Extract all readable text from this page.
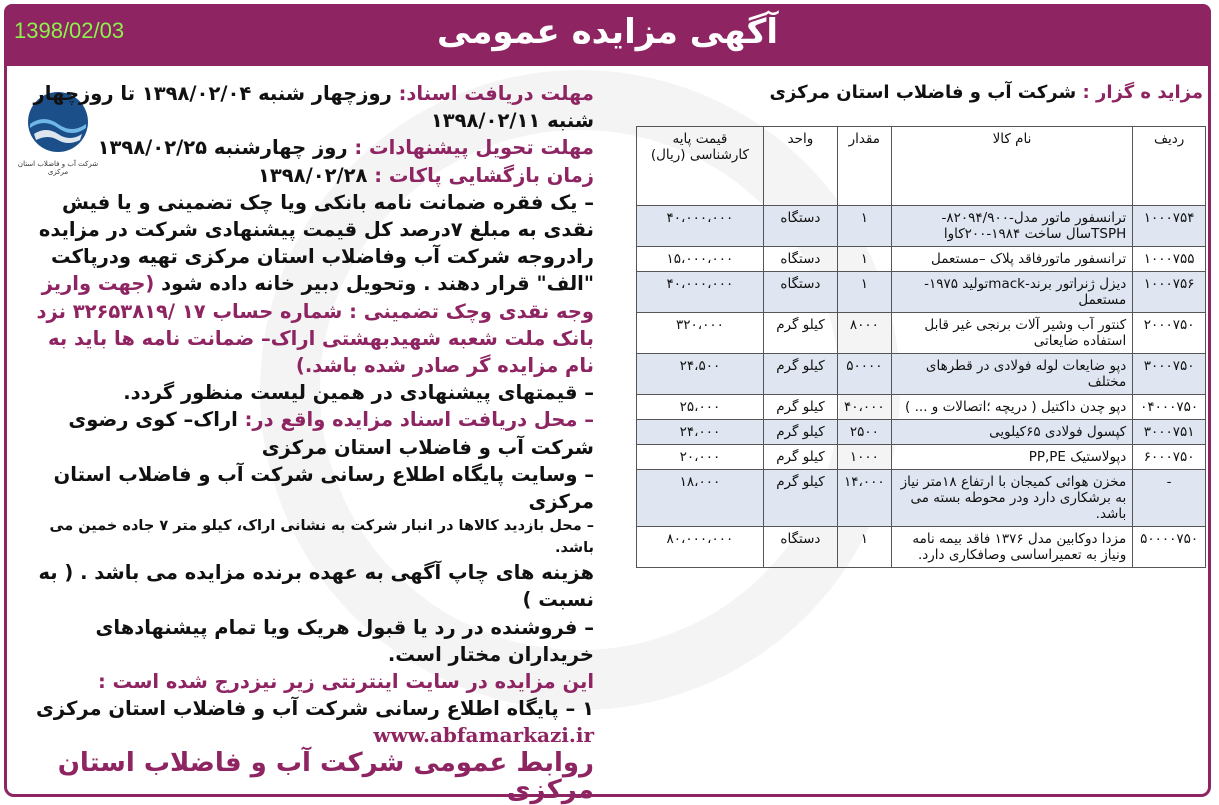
آگهی مزایده عمومی
1398/02/03
مزاید ه گزار : شرکت آب و فاضلاب استان مرکزی
ردیف	نام کالا	مقدار	واحد	قیمت پایه کارشناسی (ریال)
۱۰۰۰۷۵۴	ترانسفور ماتور مدل-۸۲۰۹۴/۹۰۰-TSPHسال ساخت ۱۹۸۴-۲۰۰کاوا	۱	دستگاه	۴۰،۰۰۰،۰۰۰
۱۰۰۰۷۵۵	ترانسفور ماتورفاقد پلاک –مستعمل	۱	دستگاه	۱۵،۰۰۰،۰۰۰
۱۰۰۰۷۵۶	دیزل ژنراتور برند-mackتولید ۱۹۷۵-مستعمل	۱	دستگاه	۴۰،۰۰۰،۰۰۰
۲۰۰۰۷۵۰	کنتور آب وشیر آلات برنجی غیر قابل استفاده ضایعاتی	۸۰۰۰	کیلو گرم	۳۲۰،۰۰۰
۳۰۰۰۷۵۰	دپو ضایعات لوله فولادی در قطرهای مختلف	۵۰۰۰۰	کیلو گرم	۲۴،۵۰۰
۰۴۰۰۰۷۵۰	دپو چدن داکتیل ( دریچه ؛اتصالات و ... )	۴۰،۰۰۰	کیلو گرم	۲۵،۰۰۰
۳۰۰۰۷۵۱	کپسول فولادی ۶۵کیلویی	۲۵۰۰	کیلو گرم	۲۴،۰۰۰
۶۰۰۰۷۵۰	دپولاستیک PP,PE	۱۰۰۰	کیلو گرم	۲۰،۰۰۰
-	مخزن هوائی کمیجان با ارتفاع ۱۸متر نیاز به برشکاری دارد ودر محوطه بسته می باشد.	۱۴،۰۰۰	کیلو گرم	۱۸،۰۰۰
۵۰۰۰۰۷۵۰	مزدا دوکابین مدل ۱۳۷۶ فاقد بیمه نامه ونیاز به تعمیراساسی وصافکاری دارد.	۱	دستگاه	۸۰،۰۰۰،۰۰۰
شرکت آب و فاضلاب استان مرکزی

مهلت دریافت اسناد: روزچهار شنبه ۱۳۹۸/۰۲/۰۴ تا روزچهار شنبه ۱۳۹۸/۰۲/۱۱

مهلت تحویل پیشنهادات : روز چهارشنبه ۱۳۹۸/۰۲/۲۵

زمان بازگشایی پاکات : ۱۳۹۸/۰۲/۲۸

– یک فقره ضمانت نامه بانکی ویا چک تضمینی و یا فیش نقدی به مبلغ ۷درصد کل قیمت پیشنهادی شرکت در مزایده رادروجه شرکت آب وفاضلاب استان مرکزی تهیه ودرپاکت "الف" قرار دهند . وتحویل دبیر خانه داده شود (جهت واریز وجه نقدی وچک تضمینی : شماره حساب ۱۷ /۳۲۶۵۳۸۱۹ نزد بانک ملت شعبه شهیدبهشتی اراک– ضمانت نامه ها باید به نام مزایده گر صادر شده باشد.)

– قیمتهای پیشنهادی در همین لیست منظور گردد.

– محل دریافت اسناد مزایده واقع در: اراک– کوی رضوی شرکت آب و فاضلاب استان مرکزی

– وسایت پایگاه اطلاع رسانی شرکت آب و فاضلاب استان مرکزی

– محل بازدید کالاها در انبار شرکت به نشانی اراک، کیلو متر ۷ جاده خمین می باشد.

هزینه های چاپ آگهی به عهده برنده مزایده می باشد . ( به نسبت )

– فروشنده در رد یا قبول هریک ویا تمام پیشنهادهای خریداران مختار است.

این مزایده در سایت اینترنتی زیر نیزدرج شده است :

۱ – پایگاه اطلاع رسانی شرکت آب و فاضلاب استان مرکزی

www.abfamarkazi.ir

روابط عمومی شرکت آب و فاضلاب استان مرکزی
